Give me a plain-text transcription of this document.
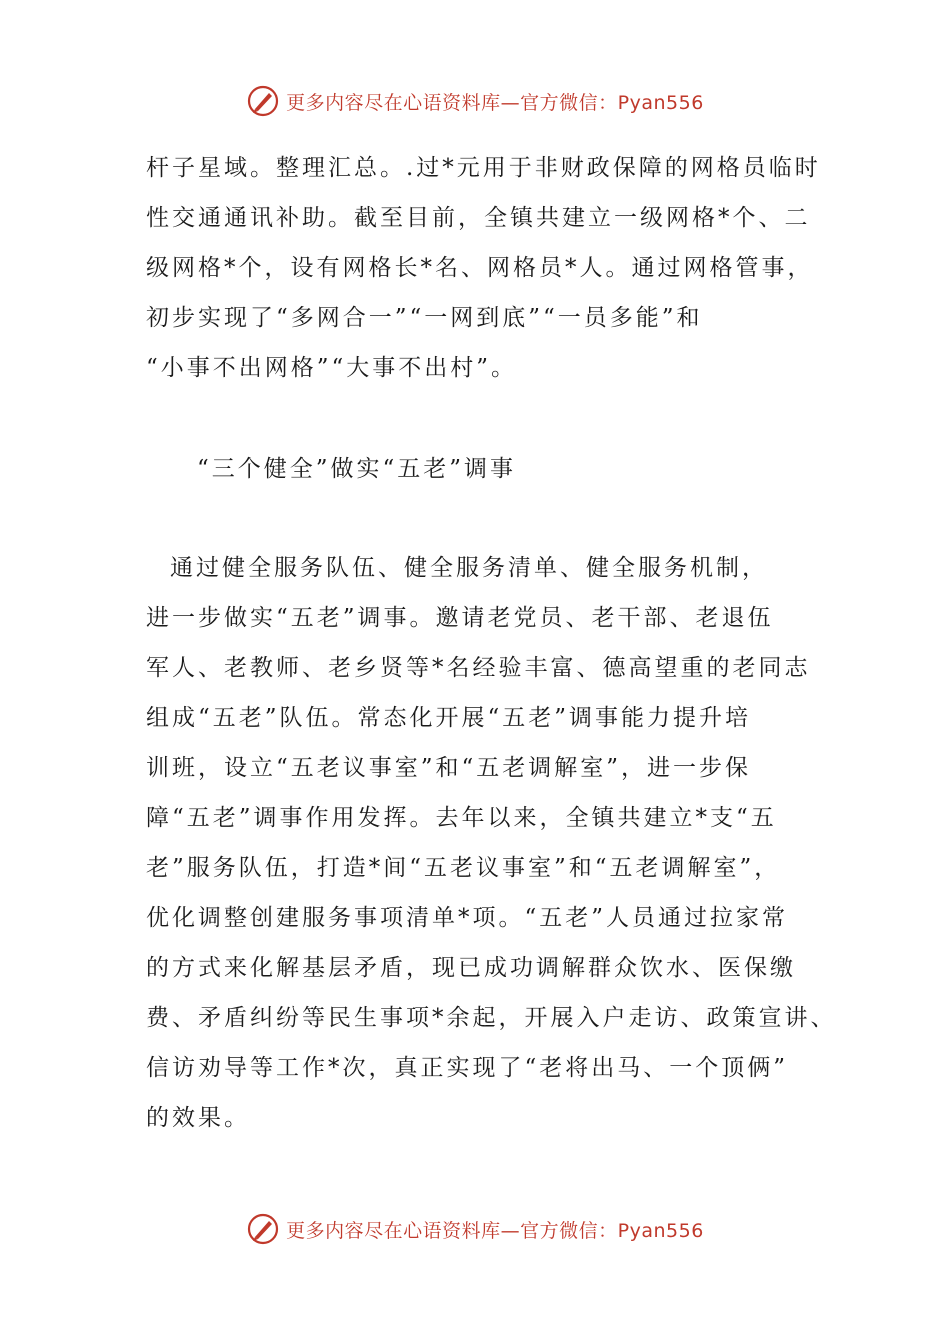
更多内容尽在心语资料库—官方微信：Pyan556
杆子星域。整理汇总。.过*元用于非财政保障的网格员临时
性交通通讯补助。截至目前，全镇共建立一级网格*个、二
级网格*个，设有网格长*名、网格员*人。通过网格管事，
初步实现了“多网合一”“一网到底”“一员多能”和
“小事不出网格”“大事不出村”。
“三个健全”做实“五老”调事
通过健全服务队伍、健全服务清单、健全服务机制，
进一步做实“五老”调事。邀请老党员、老干部、老退伍
军人、老教师、老乡贤等*名经验丰富、德高望重的老同志
组成“五老”队伍。常态化开展“五老”调事能力提升培
训班，设立“五老议事室”和“五老调解室”，进一步保
障“五老”调事作用发挥。去年以来，全镇共建立*支“五
老”服务队伍，打造*间“五老议事室”和“五老调解室”，
优化调整创建服务事项清单*项。“五老”人员通过拉家常
的方式来化解基层矛盾，现已成功调解群众饮水、医保缴
费、矛盾纠纷等民生事项*余起，开展入户走访、政策宣讲、
信访劝导等工作*次，真正实现了“老将出马、一个顶俩”
的效果。
更多内容尽在心语资料库—官方微信：Pyan556
